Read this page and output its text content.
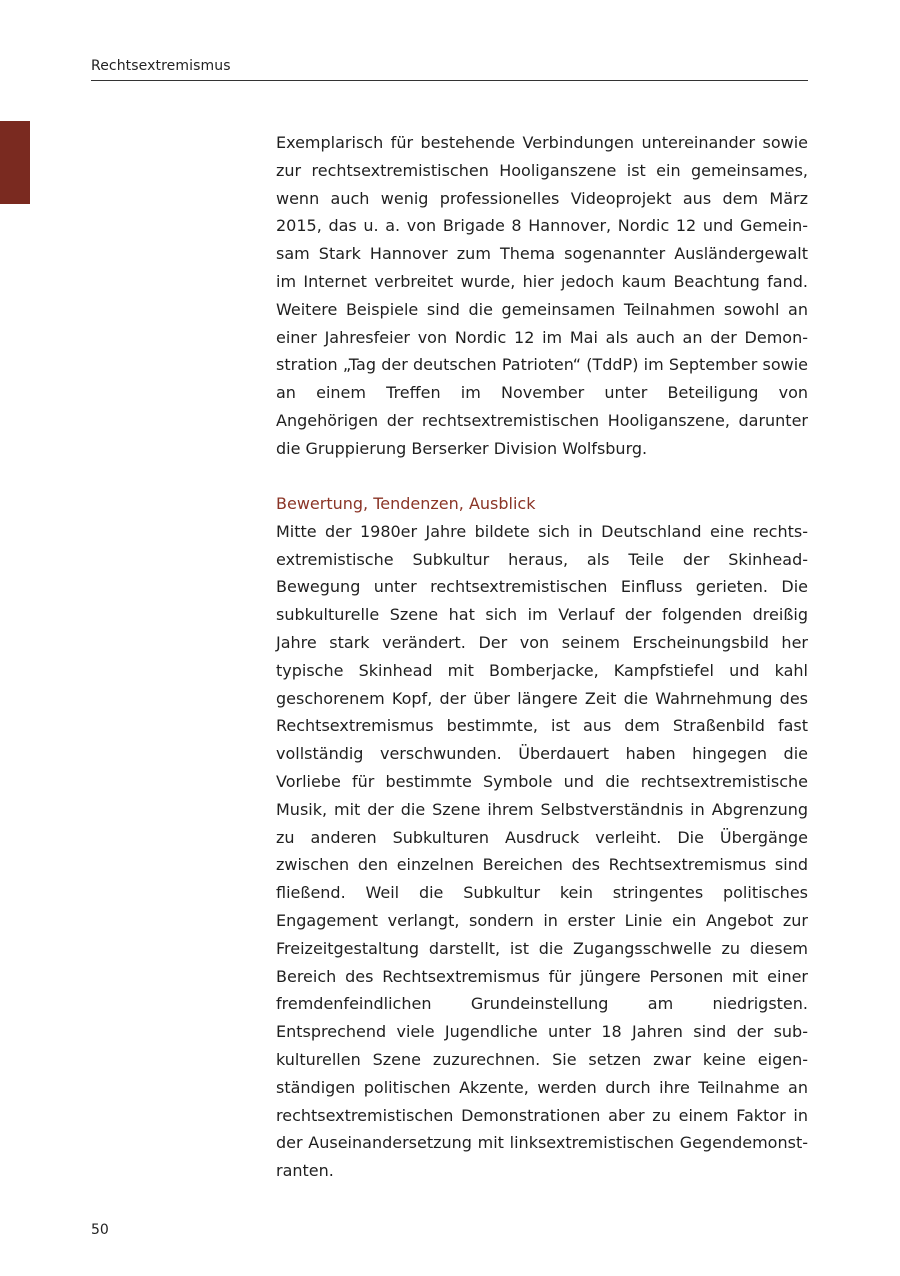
Rechtsextremismus

Exemplarisch für bestehende Verbindungen untereinander sowie zur rechtsextremistischen Hooliganszene ist ein gemeinsames, wenn auch wenig professionelles Videoprojekt aus dem März 2015, das u. a. von Brigade 8 Hannover, Nordic 12 und Gemeinsam Stark Hannover zum Thema sogenannter Ausländergewalt im Internet verbreitet wurde, hier jedoch kaum Beachtung fand. Weitere Beispiele sind die gemeinsamen Teilnahmen sowohl an einer Jahresfeier von Nordic 12 im Mai als auch an der Demonstration „Tag der deutschen Patrioten“ (TddP) im September sowie an einem Treffen im November unter Beteiligung von Angehörigen der rechtsextremistischen Hooliganszene, darunter die Gruppierung Berserker Division Wolfsburg.

Bewertung, Tendenzen, Ausblick

Mitte der 1980er Jahre bildete sich in Deutschland eine rechtsextremistische Subkultur heraus, als Teile der Skinhead-Bewegung unter rechtsextremistischen Einfluss gerieten. Die subkulturelle Szene hat sich im Verlauf der folgenden dreißig Jahre stark verändert. Der von seinem Erscheinungsbild her typische Skinhead mit Bomberjacke, Kampfstiefel und kahl geschorenem Kopf, der über längere Zeit die Wahrnehmung des Rechtsextremismus bestimmte, ist aus dem Straßenbild fast vollständig verschwunden. Überdauert haben hingegen die Vorliebe für bestimmte Symbole und die rechtsextremistische Musik, mit der die Szene ihrem Selbstverständnis in Abgrenzung zu anderen Subkulturen Ausdruck verleiht. Die Übergänge zwischen den einzelnen Bereichen des Rechtsextremismus sind fließend. Weil die Subkultur kein stringentes politisches Engagement verlangt, sondern in erster Linie ein Angebot zur Freizeitgestaltung darstellt, ist die Zugangsschwelle zu diesem Bereich des Rechtsextremismus für jüngere Personen mit einer fremdenfeindlichen Grundeinstellung am niedrigsten. Entsprechend viele Jugendliche unter 18 Jahren sind der subkulturellen Szene zuzurechnen. Sie setzen zwar keine eigenständigen politischen Akzente, werden durch ihre Teilnahme an rechtsextremistischen Demonstrationen aber zu einem Faktor in der Auseinandersetzung mit linksextremistischen Gegendemonstranten.

50
